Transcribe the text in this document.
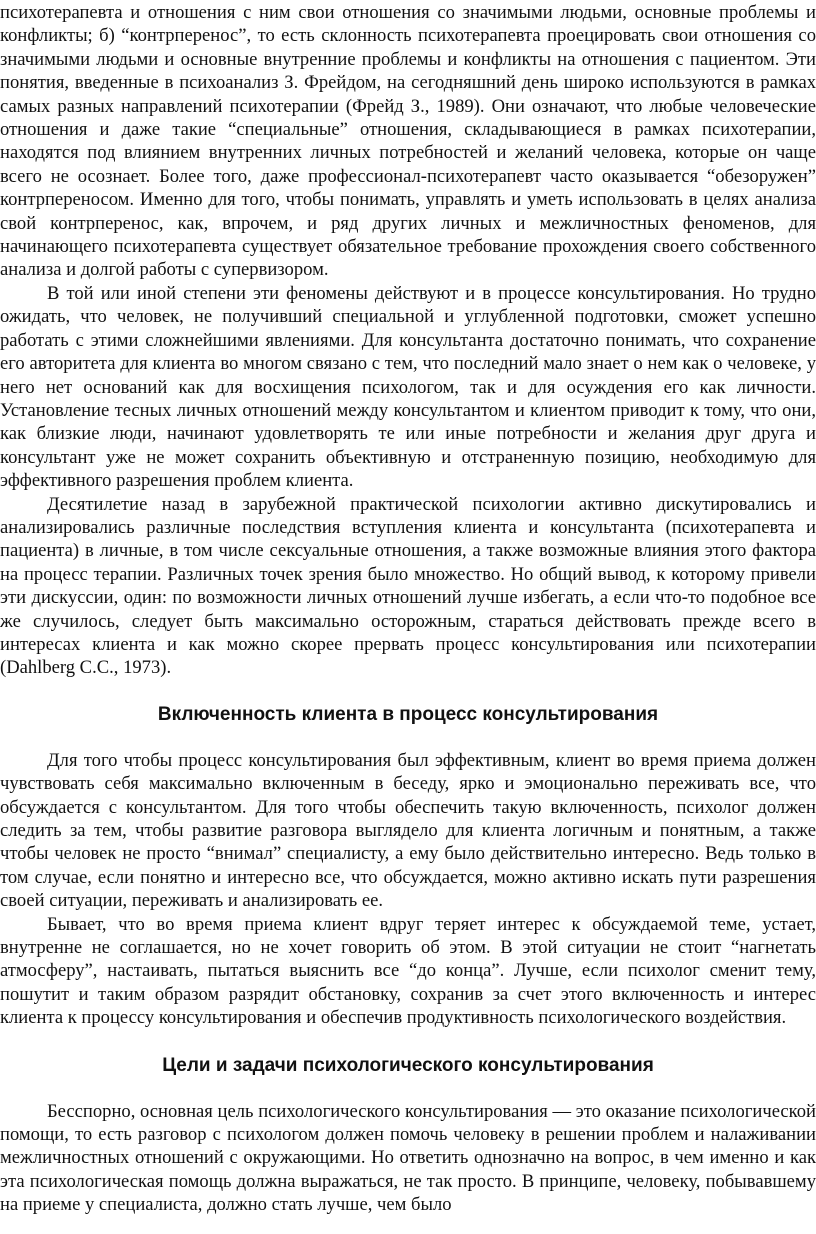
психотерапевта и отношения с ним свои отношения со значимыми людьми, основные проблемы и конфликты; б) “контрперенос”, то есть склонность психотерапевта проецировать свои отношения со значимыми людьми и основные внутренние проблемы и конфликты на отношения с пациентом. Эти понятия, введенные в психоанализ З. Фрейдом, на сегодняшний день широко используются в рамках самых разных направлений психотерапии (Фрейд З., 1989). Они означают, что любые человеческие отношения и даже такие “специальные” отношения, складывающиеся в рамках психотерапии, находятся под влиянием внутренних личных потребностей и желаний человека, которые он чаще всего не осознает. Более того, даже профессионал-психотерапевт часто оказывается “обезоружен” контрпереносом. Именно для того, чтобы понимать, управлять и уметь использовать в целях анализа свой контрперенос, как, впрочем, и ряд других личных и межличностных феноменов, для начинающего психотерапевта существует обязательное требование прохождения своего собственного анализа и долгой работы с супервизором.

В той или иной степени эти феномены действуют и в процессе консультирования. Но трудно ожидать, что человек, не получивший специальной и углубленной подготовки, сможет успешно работать с этими сложнейшими явлениями. Для консультанта достаточно понимать, что сохранение его авторитета для клиента во многом связано с тем, что последний мало знает о нем как о человеке, у него нет оснований как для восхищения психологом, так и для осуждения его как личности. Установление тесных личных отношений между консультантом и клиентом приводит к тому, что они, как близкие люди, начинают удовлетворять те или иные потребности и желания друг друга и консультант уже не может сохранить объективную и отстраненную позицию, необходимую для эффективного разрешения проблем клиента.

Десятилетие назад в зарубежной практической психологии активно дискутировались и анализировались различные последствия вступления клиента и консультанта (психотерапевта и пациента) в личные, в том числе сексуальные отношения, а также возможные влияния этого фактора на процесс терапии. Различных точек зрения было множество. Но общий вывод, к которому привели эти дискуссии, один: по возможности личных отношений лучше избегать, а если что-то подобное все же случилось, следует быть максимально осторожным, стараться действовать прежде всего в интересах клиента и как можно скорее прервать процесс консультирования или психотерапии (Dahlberg C.C., 1973).

Включенность клиента в процесс консультирования

Для того чтобы процесс консультирования был эффективным, клиент во время приема должен чувствовать себя максимально включенным в беседу, ярко и эмоционально переживать все, что обсуждается с консультантом. Для того чтобы обеспечить такую включенность, психолог должен следить за тем, чтобы развитие разговора выглядело для клиента логичным и понятным, а также чтобы человек не просто “внимал” специалисту, а ему было действительно интересно. Ведь только в том случае, если понятно и интересно все, что обсуждается, можно активно искать пути разрешения своей ситуации, переживать и анализировать ее.

Бывает, что во время приема клиент вдруг теряет интерес к обсуждаемой теме, устает, внутренне не соглашается, но не хочет говорить об этом. В этой ситуации не стоит “нагнетать атмосферу”, настаивать, пытаться выяснить все “до конца”. Лучше, если психолог сменит тему, пошутит и таким образом разрядит обстановку, сохранив за счет этого включенность и интерес клиента к процессу консультирования и обеспечив продуктивность психологического воздействия.

Цели и задачи психологического консультирования

Бесспорно, основная цель психологического консультирования — это оказание психологической помощи, то есть разговор с психологом должен помочь человеку в решении проблем и налаживании межличностных отношений с окружающими. Но ответить однозначно на вопрос, в чем именно и как эта психологическая помощь должна выражаться, не так просто. В принципе, человеку, побывавшему на приеме у специалиста, должно стать лучше, чем было
